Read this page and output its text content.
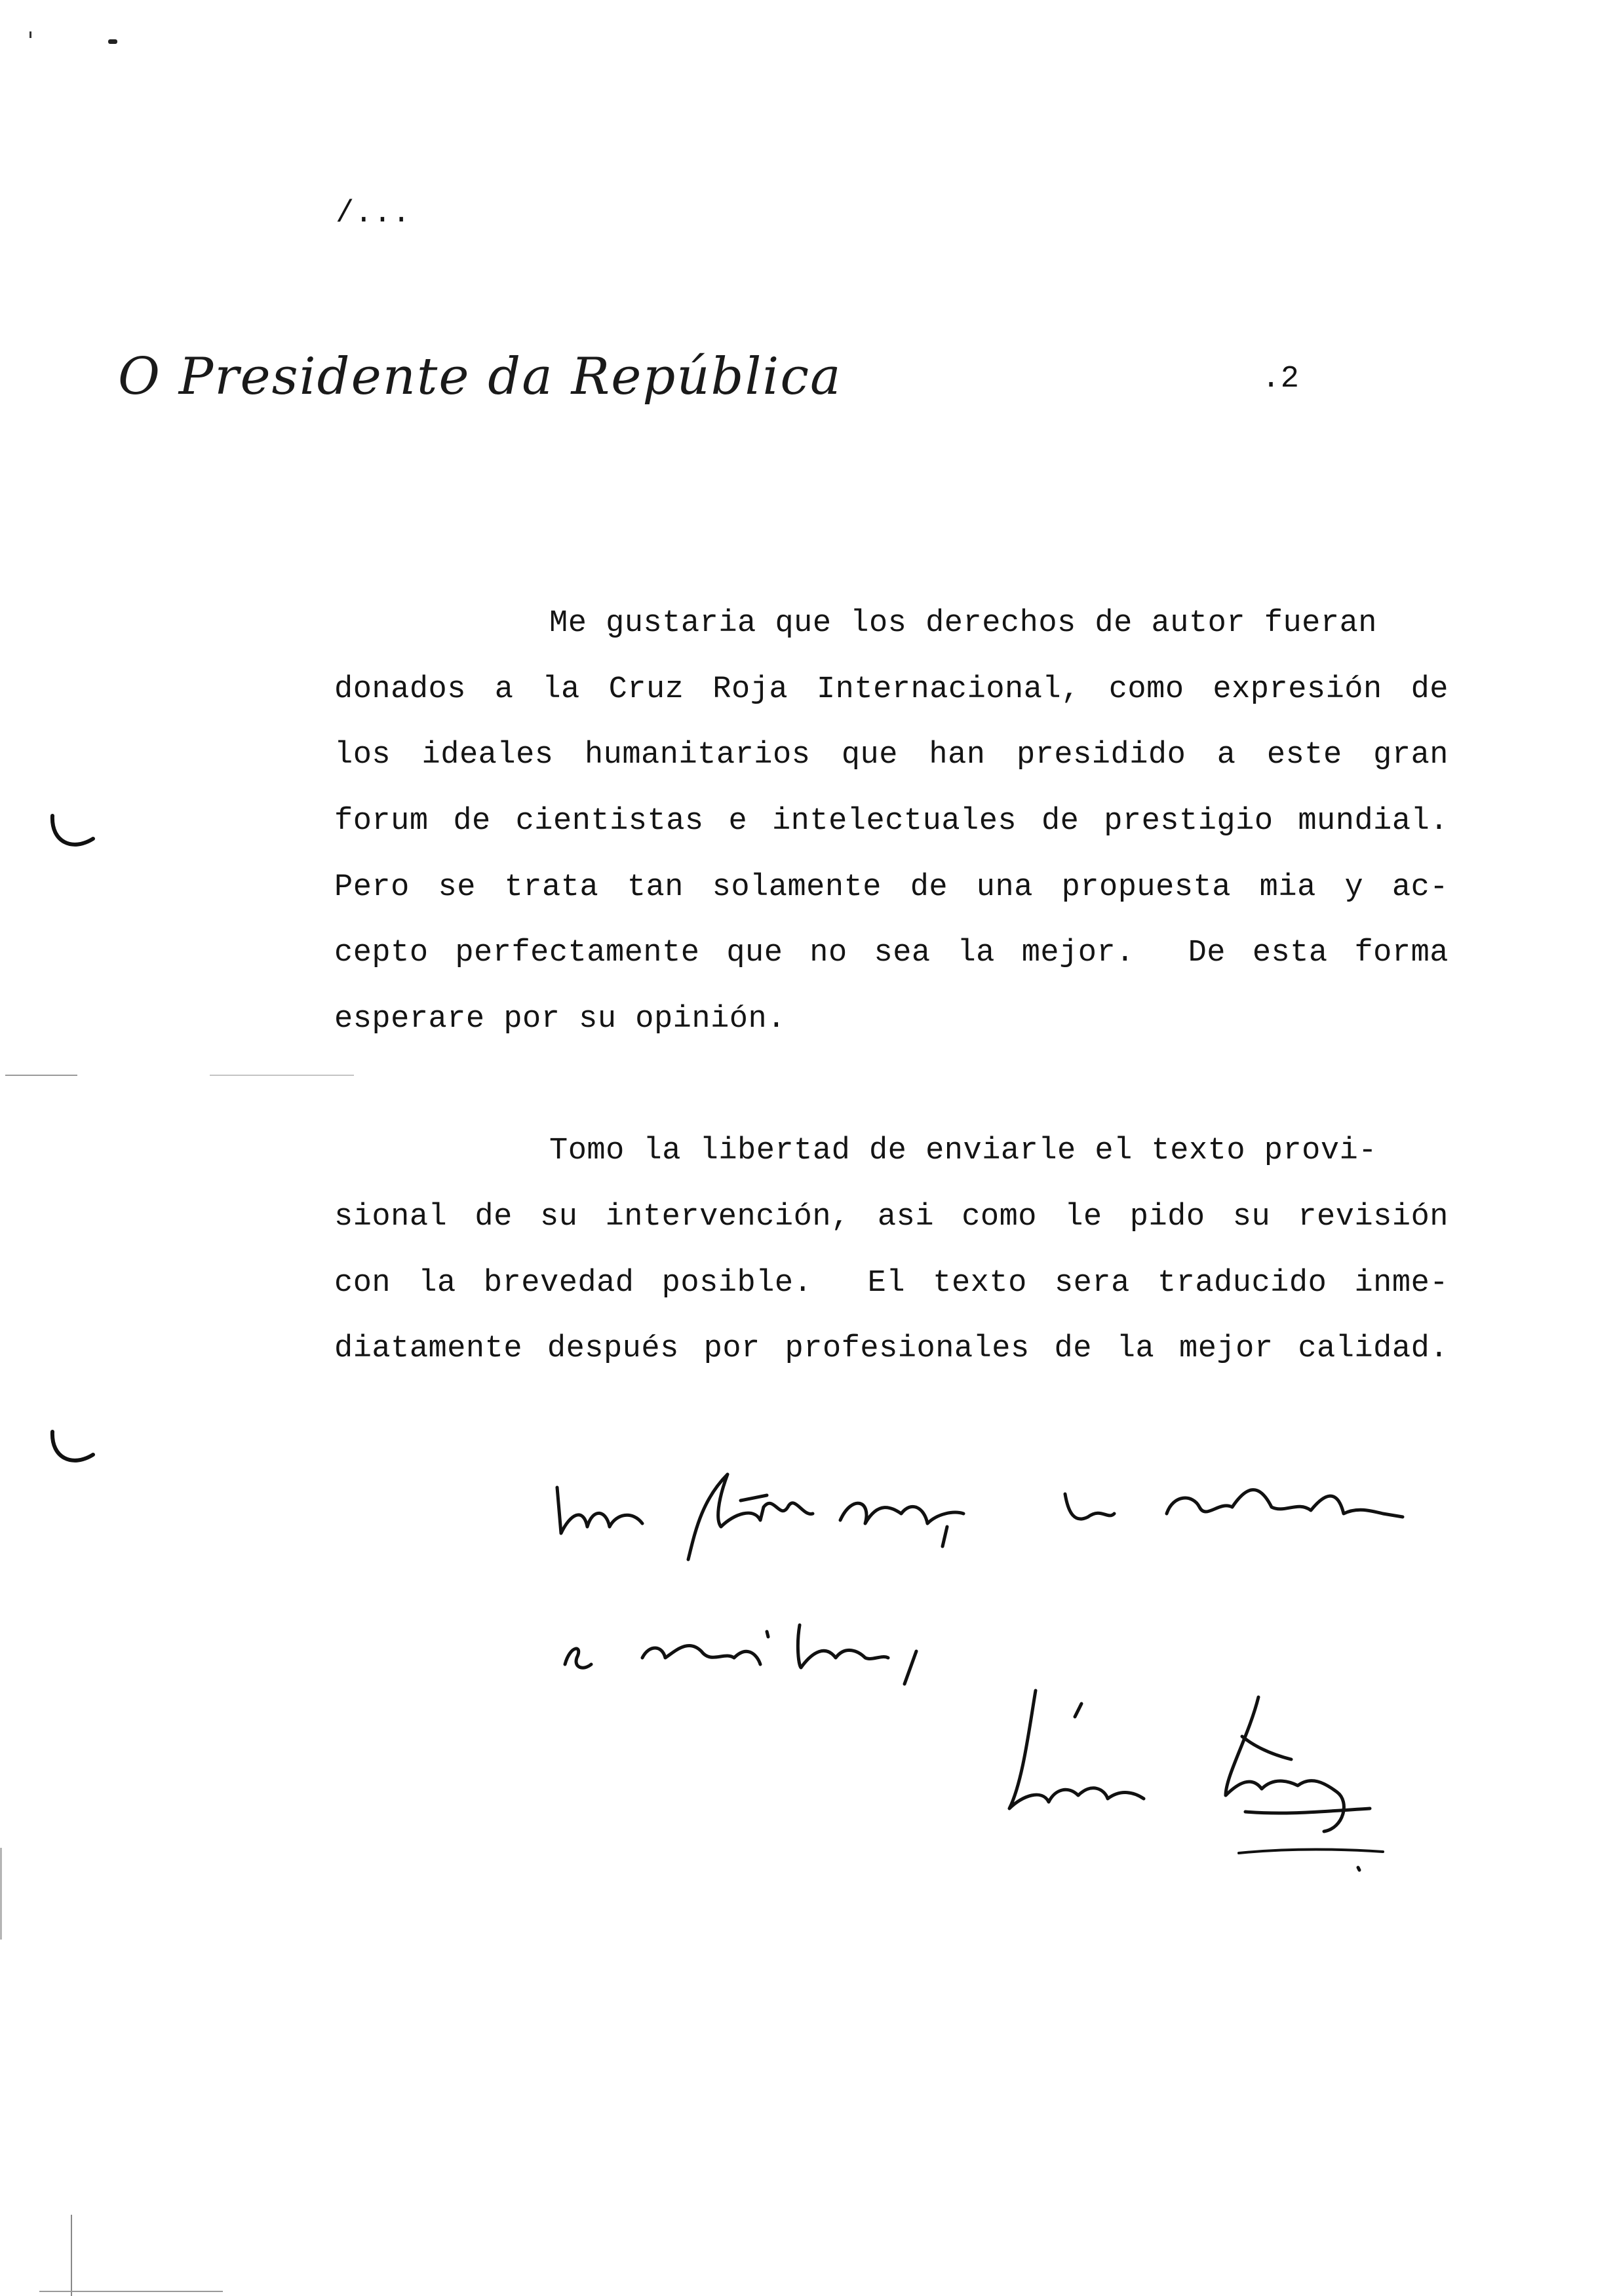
/...
O Presidente da República	.2
Me gustaria que los derechos de autor fueran
donados a la Cruz Roja Internacional, como expresión de
los ideales humanitarios que han presidido a este gran
forum de cientistas e intelectuales de prestigio mundial.
Pero se trata tan solamente de una propuesta mia y ac-
cepto perfectamente que no sea la mejor.  De esta forma
esperare por su opinión.
Tomo la libertad de enviarle el texto provi-
sional de su intervención, asi como le pido su revisión
con la brevedad posible.  El texto sera traducido inme-
diatamente después por profesionales de la mejor calidad.
